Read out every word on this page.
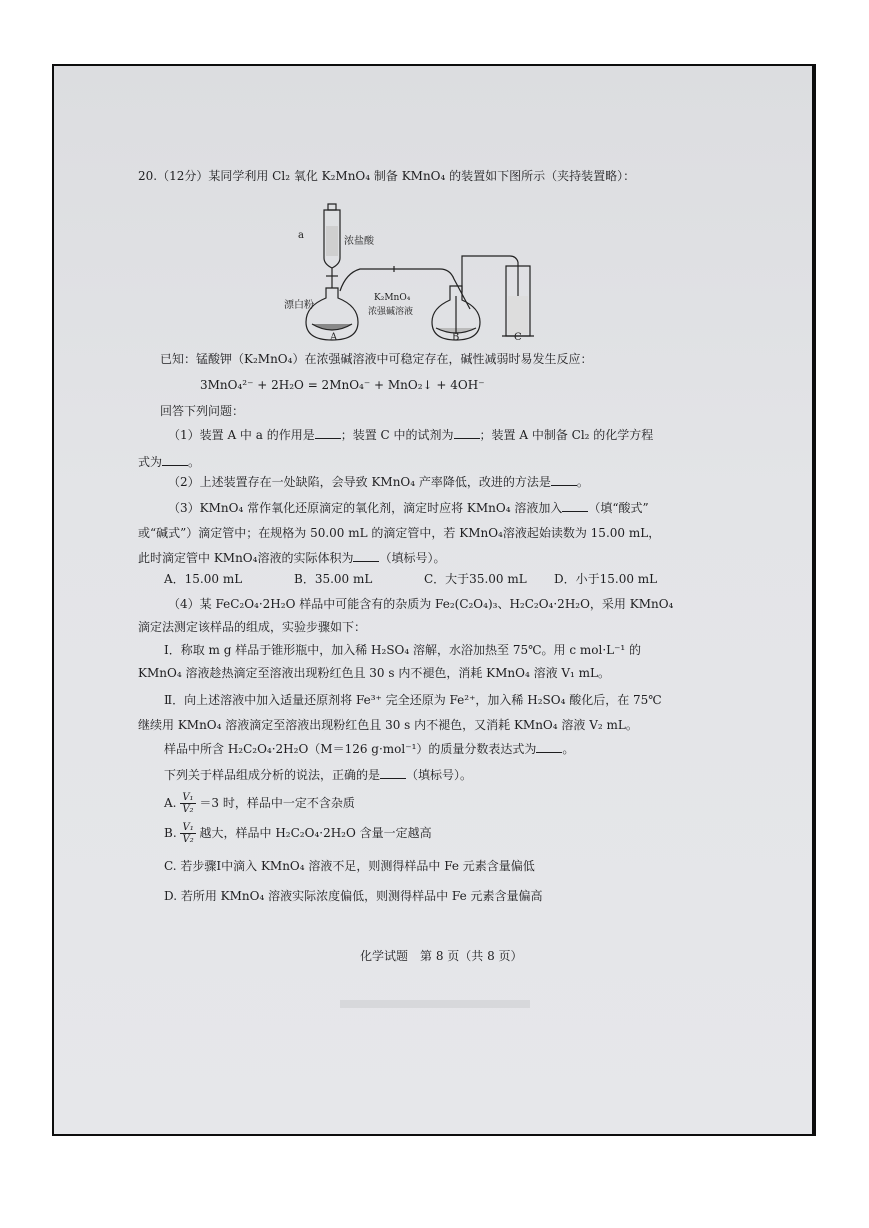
20.（12分）某同学利用 Cl₂ 氧化 K₂MnO₄ 制备 KMnO₄ 的装置如下图所示（夹持装置略）：
a
浓盐酸
漂白粉
K₂MnO₄
浓强碱溶液
A	B	C
已知：锰酸钾（K₂MnO₄）在浓强碱溶液中可稳定存在，碱性减弱时易发生反应：
3MnO₄²⁻ + 2H₂O = 2MnO₄⁻ + MnO₂↓ + 4OH⁻
回答下列问题：
（1）装置 A 中 a 的作用是 ；装置 C 中的试剂为 ；装置 A 中制备 Cl₂ 的化学方程
式为 。
（2）上述装置存在一处缺陷，会导致 KMnO₄ 产率降低，改进的方法是 。
（3）KMnO₄ 常作氧化还原滴定的氧化剂，滴定时应将 KMnO₄ 溶液加入 （填“酸式”
或“碱式”）滴定管中；在规格为 50.00 mL 的滴定管中，若 KMnO₄溶液起始读数为 15.00 mL，
此时滴定管中 KMnO₄溶液的实际体积为 （填标号）。
A．15.00 mL	B．35.00 mL	C．大于35.00 mL D．小于15.00 mL
（4）某 FeC₂O₄·2H₂O 样品中可能含有的杂质为 Fe₂(C₂O₄)₃、H₂C₂O₄·2H₂O，采用 KMnO₄
滴定法测定该样品的组成，实验步骤如下：
Ⅰ．称取 m g 样品于锥形瓶中，加入稀 H₂SO₄ 溶解，水浴加热至 75℃。用 c mol·L⁻¹ 的
KMnO₄ 溶液趁热滴定至溶液出现粉红色且 30 s 内不褪色，消耗 KMnO₄ 溶液 V₁ mL。
Ⅱ．向上述溶液中加入适量还原剂将 Fe³⁺ 完全还原为 Fe²⁺，加入稀 H₂SO₄ 酸化后，在 75℃
继续用 KMnO₄ 溶液滴定至溶液出现粉红色且 30 s 内不褪色，又消耗 KMnO₄ 溶液 V₂ mL。
样品中所含 H₂C₂O₄·2H₂O（M＝126 g·mol⁻¹）的质量分数表达式为 。
下列关于样品组成分析的说法，正确的是 （填标号）。
A. $\frac{\text{V₁}}{\text{V₂}} =3$ 时，样品中一定不含杂质
B. $\frac{\text{V₁}}{\text{V₂}}$ 越大，样品中 H₂C₂O₄·2H₂O 含量一定越高
C. 若步骤Ⅰ中滴入 KMnO₄ 溶液不足，则测得样品中 Fe 元素含量偏低
D. 若所用 KMnO₄ 溶液实际浓度偏低，则测得样品中 Fe 元素含量偏高
化学试题　第 8 页（共 8 页）
